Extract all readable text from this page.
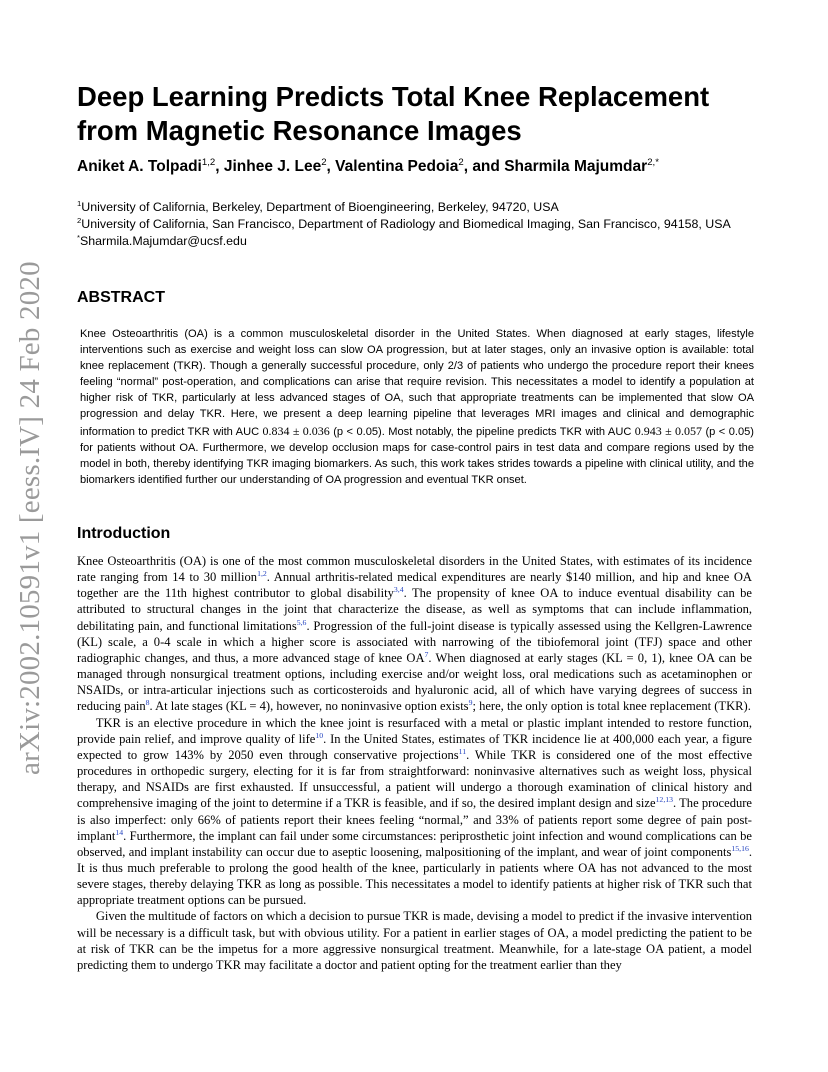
arXiv:2002.10591v1 [eess.IV] 24 Feb 2020
Deep Learning Predicts Total Knee Replacement from Magnetic Resonance Images
Aniket A. Tolpadi$^{1,2}$, Jinhee J. Lee$^2$, Valentina Pedoia$^2$, and Sharmila Majumdar$^{2,*}$

$^1$University of California, Berkeley, Department of Bioengineering, Berkeley, 94720, USA

$^2$University of California, San Francisco, Department of Radiology and Biomedical Imaging, San Francisco, 94158, USA

*Sharmila.Majumdar@ucsf.edu

ABSTRACT
Knee Osteoarthritis (OA) is a common musculoskeletal disorder in the United States. When diagnosed at early stages, lifestyle interventions such as exercise and weight loss can slow OA progression, but at later stages, only an invasive option is available: total knee replacement (TKR). Though a generally successful procedure, only 2/3 of patients who undergo the procedure report their knees feeling “normal” post-operation, and complications can arise that require revision. This necessitates a model to identify a population at higher risk of TKR, particularly at less advanced stages of OA, such that appropriate treatments can be implemented that slow OA progression and delay TKR. Here, we present a deep learning pipeline that leverages MRI images and clinical and demographic information to predict TKR with AUC 0.834 ± 0.036 (p < 0.05). Most notably, the pipeline predicts TKR with AUC 0.943 ± 0.057 (p < 0.05) for patients without OA. Furthermore, we develop occlusion maps for case-control pairs in test data and compare regions used by the model in both, thereby identifying TKR imaging biomarkers. As such, this work takes strides towards a pipeline with clinical utility, and the biomarkers identified further our understanding of OA progression and eventual TKR onset.
Introduction

Knee Osteoarthritis (OA) is one of the most common musculoskeletal disorders in the United States, with estimates of its incidence rate ranging from 14 to 30 million$^{1,2}$. Annual arthritis-related medical expenditures are nearly $140 million, and hip and knee OA together are the 11th highest contributor to global disability$^{3,4}$. The propensity of knee OA to induce eventual disability can be attributed to structural changes in the joint that characterize the disease, as well as symptoms that can include inflammation, debilitating pain, and functional limitations$^{5,6}$. Progression of the full-joint disease is typically assessed using the Kellgren-Lawrence (KL) scale, a 0-4 scale in which a higher score is associated with narrowing of the tibiofemoral joint (TFJ) space and other radiographic changes, and thus, a more advanced stage of knee OA$^7$. When diagnosed at early stages (KL = 0, 1), knee OA can be managed through nonsurgical treatment options, including exercise and/or weight loss, oral medications such as acetaminophen or NSAIDs, or intra-articular injections such as corticosteroids and hyaluronic acid, all of which have varying degrees of success in reducing pain$^8$. At late stages (KL = 4), however, no noninvasive option exists$^9$; here, the only option is total knee replacement (TKR).

TKR is an elective procedure in which the knee joint is resurfaced with a metal or plastic implant intended to restore function, provide pain relief, and improve quality of life$^{10}$. In the United States, estimates of TKR incidence lie at 400,000 each year, a figure expected to grow 143% by 2050 even through conservative projections$^{11}$. While TKR is considered one of the most effective procedures in orthopedic surgery, electing for it is far from straightforward: noninvasive alternatives such as weight loss, physical therapy, and NSAIDs are first exhausted. If unsuccessful, a patient will undergo a thorough examination of clinical history and comprehensive imaging of the joint to determine if a TKR is feasible, and if so, the desired implant design and size$^{12,13}$. The procedure is also imperfect: only 66% of patients report their knees feeling “normal,” and 33% of patients report some degree of pain post-implant$^{14}$. Furthermore, the implant can fail under some circumstances: periprosthetic joint infection and wound complications can be observed, and implant instability can occur due to aseptic loosening, malpositioning of the implant, and wear of joint components$^{15,16}$. It is thus much preferable to prolong the good health of the knee, particularly in patients where OA has not advanced to the most severe stages, thereby delaying TKR as long as possible. This necessitates a model to identify patients at higher risk of TKR such that appropriate treatment options can be pursued.

Given the multitude of factors on which a decision to pursue TKR is made, devising a model to predict if the invasive intervention will be necessary is a difficult task, but with obvious utility. For a patient in earlier stages of OA, a model predicting the patient to be at risk of TKR can be the impetus for a more aggressive nonsurgical treatment. Meanwhile, for a late-stage OA patient, a model predicting them to undergo TKR may facilitate a doctor and patient opting for the treatment earlier than they
